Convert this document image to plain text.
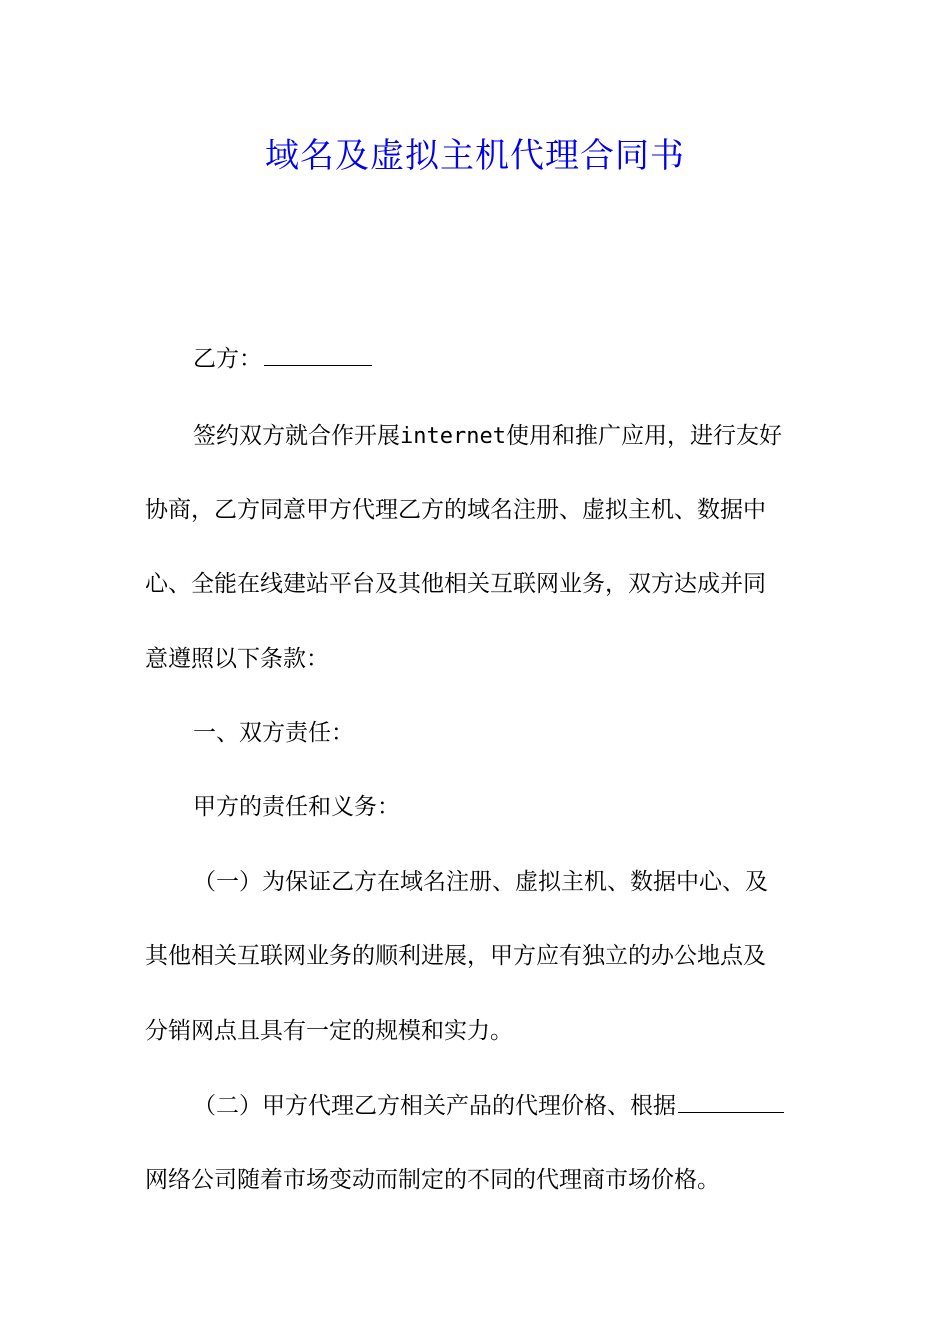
域名及虚拟主机代理合同书
乙方：
签约双方就合作开展internet使用和推广应用，进行友好
协商，乙方同意甲方代理乙方的域名注册、虚拟主机、数据中
心、全能在线建站平台及其他相关互联网业务，双方达成并同
意遵照以下条款：
一、双方责任：
甲方的责任和义务：
（一）为保证乙方在域名注册、虚拟主机、数据中心、及
其他相关互联网业务的顺利进展，甲方应有独立的办公地点及
分销网点且具有一定的规模和实力。
（二）甲方代理乙方相关产品的代理价格、根据
网络公司随着市场变动而制定的不同的代理商市场价格。
